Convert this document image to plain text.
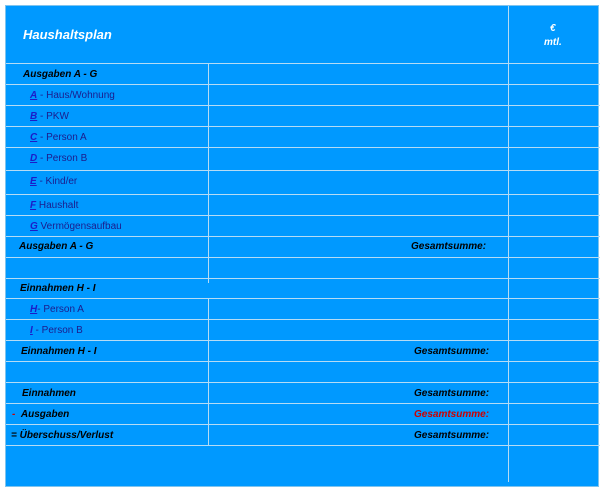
Haushaltsplan	€
mtl.
Ausgaben A - G
A - Haus/Wohnung
B - PKW
C - Person A
D - Person B
E - Kind/er
F Haushalt
G Vermögensaufbau
Ausgaben A - G	Gesamtsumme:
Einnahmen H - I
H- Person A
I - Person B
Einnahmen H - I	Gesamtsumme:
Einnahmen	Gesamtsumme:
- Ausgaben	Gesamtsumme:
= Überschuss/Verlust	Gesamtsumme:
